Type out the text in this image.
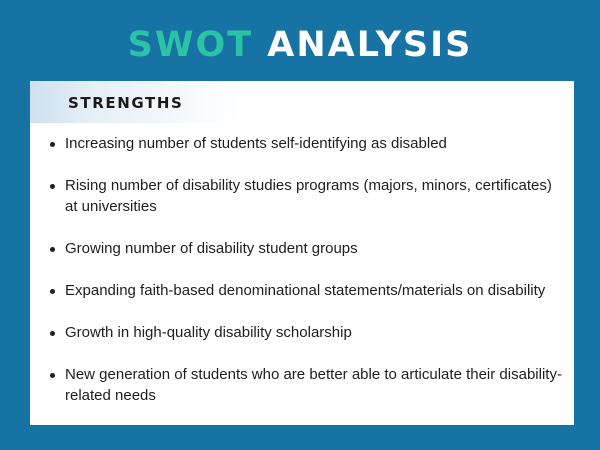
SWOT ANALYSIS
STRENGTHS
Increasing number of students self-identifying as disabled
Rising number of disability studies programs (majors, minors, certificates) at universities
Growing number of disability student groups
Expanding faith-based denominational statements/materials on disability
Growth in high-quality disability scholarship
New generation of students who are better able to articulate their disability-related needs
